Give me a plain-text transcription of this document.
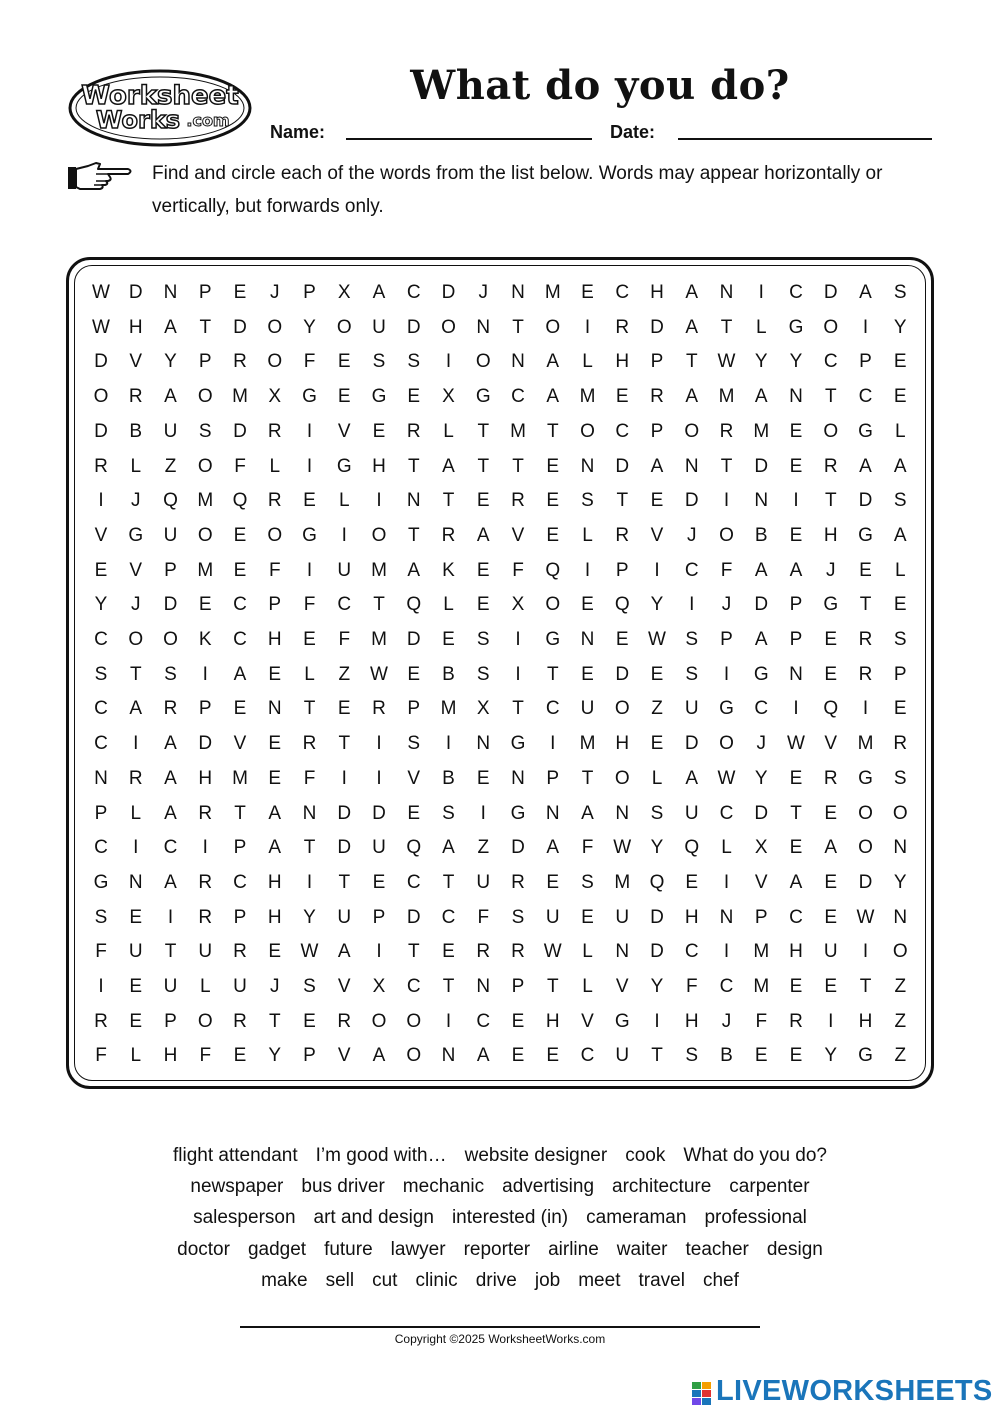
Worksheet
Works .com
What do you do?
Name:	Date:
Find and circle each of the words from the list below. Words may appear horizontally or vertically, but forwards only.
W D	N	P	E	J	P	X	A	C	D	J	N	M	E	C	H	A	N	I	C	D	A	S
W H	A	T	D	O	Y	O	U	D	O	N	T	O	I	R	D	A	T	L	G	O	I	Y
D	V	Y	P	R	O	F	E	S	S	I	O	N	A	L	H	P	T	W	Y	Y	C	P	E
O	R	A	O	M	X	G	E	G	E	X	G	C	A	M	E	R	A	M	A	N	T	C	E
D	B	U	S	D	R	I	V	E	R	L	T	M	T	O	C	P	O	R	M	E	O	G	L
R	L	Z	O	F	L	I	G	H	T	A	T	T	E	N	D	A	N	T	D	E	R	A	A
I	J	Q	M	Q	R	E	L	I	N	T	E	R	E	S	T	E	D	I	N	I	T	D	S
V	G	U	O	E	O	G	I	O	T	R	A	V	E	L	R	V	J	O	B	E	H	G	A
E	V	P	M	E	F	I	U	M	A	K	E	F	Q	I	P	I	C	F	A	A	J	E	L
Y	J	D	E	C	P	F	C	T	Q	L	E	X	O	E	Q	Y	I	J	D	P	G	T	E
C	O	O	K	C	H	E	F	M	D	E	S	I	G	N	E	W	S	P	A	P	E	R	S
S	T	S	I	A	E	L	Z	W	E	B	S	I	T	E	D	E	S	I	G	N	E	R	P
C	A	R	P	E	N	T	E	R	P	M	X	T	C	U	O	Z	U	G	C	I	Q	I	E
C	I	A	D	V	E	R	T	I	S	I	N	G	I	M	H	E	D	O	J	W	V	M	R
N	R	A	H	M	E	F	I	I	V	B	E	N	P	T	O	L	A	W	Y	E	R	G	S
P	L	A	R	T	A	N	D	D	E	S	I	G	N	A	N	S	U	C	D	T	E	O	O
C	I	C	I	P	A	T	D	U	Q	A	Z	D	A	F	W	Y	Q	L	X	E	A	O	N
G	N	A	R	C	H	I	T	E	C	T	U	R	E	S	M	Q	E	I	V	A	E	D	Y
S	E	I	R	P	H	Y	U	P	D	C	F	S	U	E	U	D	H	N	P	C	E	W N
F	U	T	U	R	E	W	A	I	T	E	R	R W	L	N	D	C	I	M	H	U	I	O
I	E	U	L	U	J	S	V	X	C	T	N	P	T	L	V	Y	F	C	M	E	E	T	Z
R	E	P	O	R	T	E	R	O	O	I	C	E	H	V	G	I	H	J	F	R	I	H	Z
F	L	H	F	E	Y	P	V	A	O	N	A	E	E	C	U	T	S	B	E	E	Y	G	Z
flight attendant I’m good with… website designer cook What do you do?
newspaper bus driver mechanic advertising architecture carpenter
salesperson art and design interested (in) cameraman professional
doctor gadget future lawyer reporter airline waiter teacher design
make sell cut clinic drive job meet travel chef
Copyright ©2025 WorksheetWorks.com
LIVEWORKSHEETS
